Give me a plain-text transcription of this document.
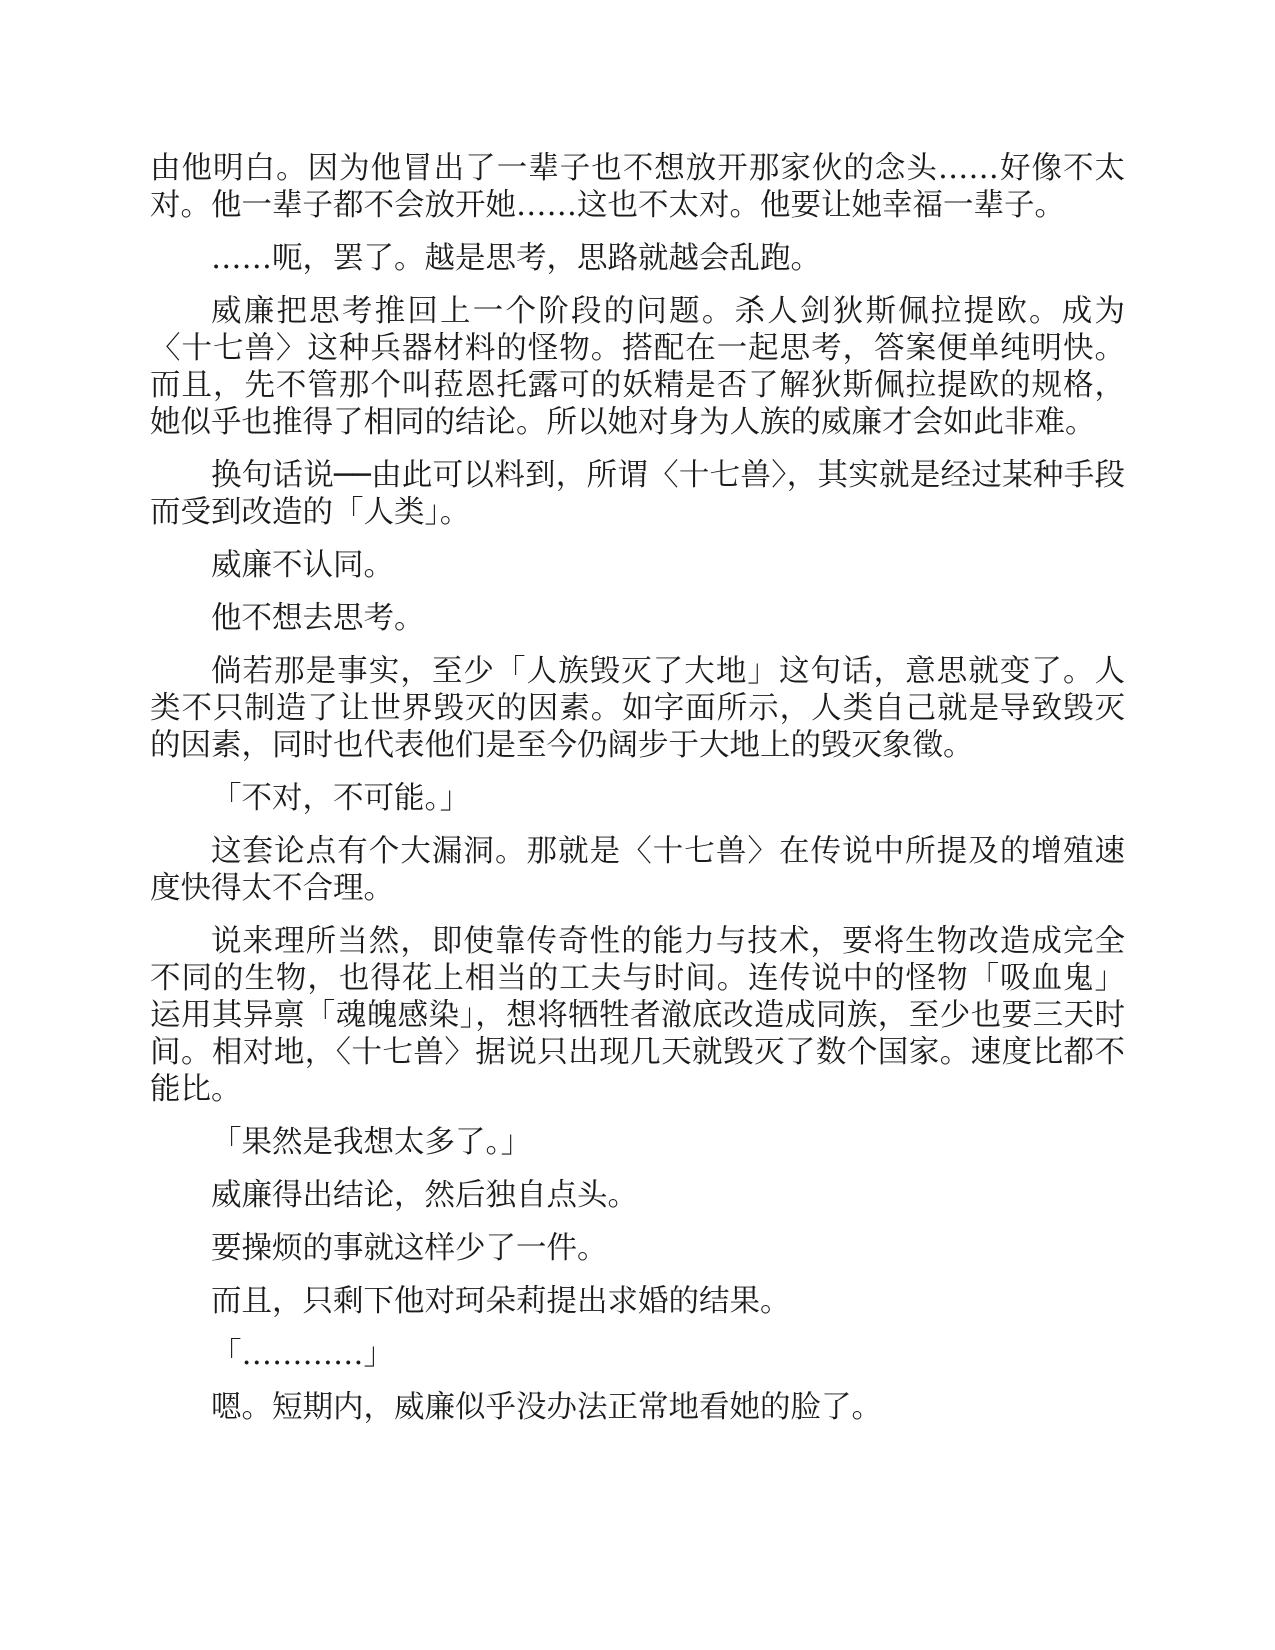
由他明白。因为他冒出了一辈子也不想放开那家伙的念头……好像不太对。他一辈子都不会放开她……这也不太对。他要让她幸福一辈子。

……呃，罢了。越是思考，思路就越会乱跑。

威廉把思考推回上一个阶段的问题。杀人剑狄斯佩拉提欧。成为〈十七兽〉这种兵器材料的怪物。搭配在一起思考，答案便单纯明快。而且，先不管那个叫菈恩托露可的妖精是否了解狄斯佩拉提欧的规格，她似乎也推得了相同的结论。所以她对身为人族的威廉才会如此非难。

换句话说──由此可以料到，所谓〈十七兽〉，其实就是经过某种手段而受到改造的「人类」。

威廉不认同。

他不想去思考。

倘若那是事实，至少「人族毁灭了大地」这句话，意思就变了。人类不只制造了让世界毁灭的因素。如字面所示，人类自己就是导致毁灭的因素，同时也代表他们是至今仍阔步于大地上的毁灭象徵。

「不对，不可能。」

这套论点有个大漏洞。那就是〈十七兽〉在传说中所提及的增殖速度快得太不合理。

说来理所当然，即使靠传奇性的能力与技术，要将生物改造成完全不同的生物，也得花上相当的工夫与时间。连传说中的怪物「吸血鬼」运用其异禀「魂魄感染」，想将牺牲者澈底改造成同族，至少也要三天时间。相对地，〈十七兽〉据说只出现几天就毁灭了数个国家。速度比都不能比。

「果然是我想太多了。」

威廉得出结论，然后独自点头。

要操烦的事就这样少了一件。

而且，只剩下他对珂朵莉提出求婚的结果。

「…………」

嗯。短期内，威廉似乎没办法正常地看她的脸了。
